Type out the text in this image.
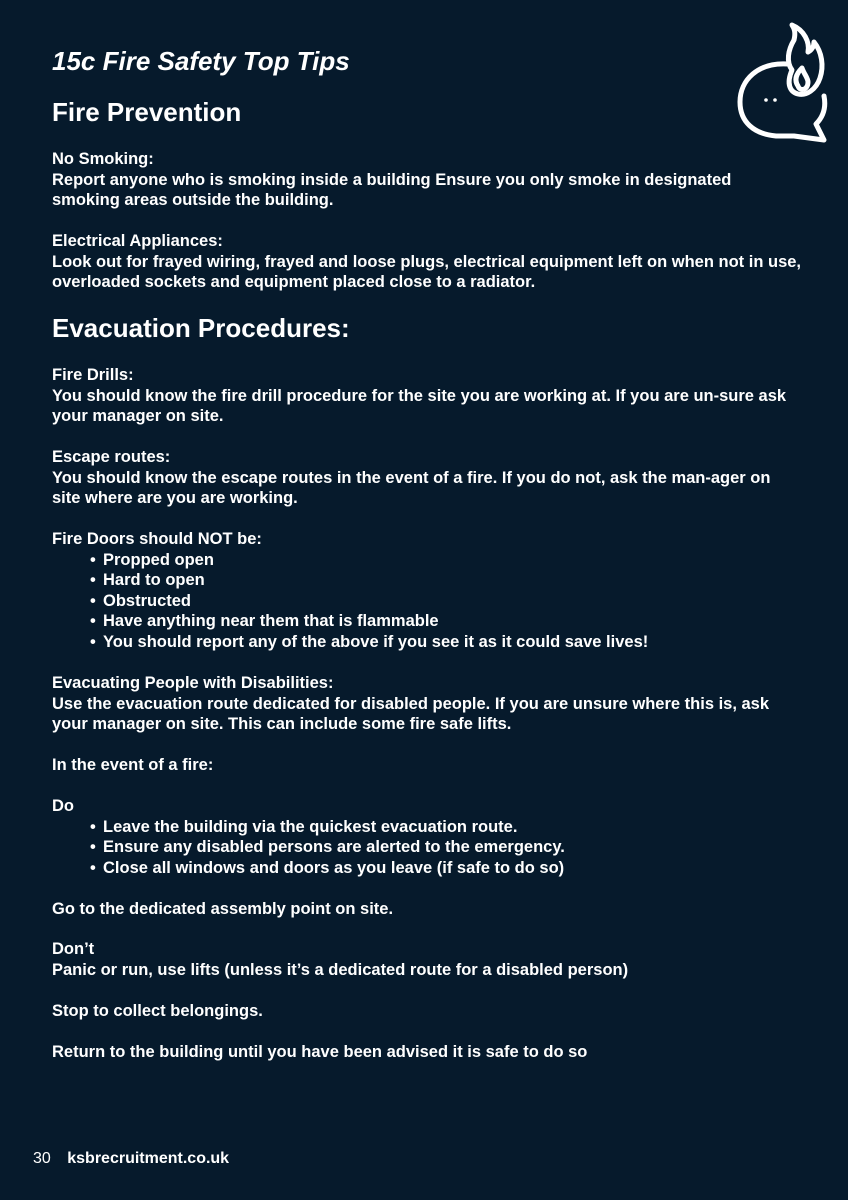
15c Fire Safety Top Tips
Fire Prevention

No Smoking:

Report anyone who is smoking inside a building Ensure you only smoke in designated smoking areas outside the building.

Electrical Appliances:

Look out for frayed wiring, frayed and loose plugs, electrical equipment left on when not in use, overloaded sockets and equipment placed close to a radiator.

Evacuation Procedures:

Fire Drills:

You should know the fire drill procedure for the site you are working at. If you are un-sure ask your manager on site.

Escape routes:

You should know the escape routes in the event of a fire. If you do not, ask the man-ager on site where are you are working.

Fire Doors should NOT be:

• Propped open
• Hard to open
• Obstructed
• Have anything near them that is flammable
• You should report any of the above if you see it as it could save lives!

Evacuating People with Disabilities:

Use the evacuation route dedicated for disabled people. If you are unsure where this is, ask your manager on site. This can include some fire safe lifts.

In the event of a fire:

Do

• Leave the building via the quickest evacuation route.
• Ensure any disabled persons are alerted to the emergency.
• Close all windows and doors as you leave (if safe to do so)

Go to the dedicated assembly point on site.

Don’t

Panic or run, use lifts (unless it’s a dedicated route for a disabled person)

Stop to collect belongings.

Return to the building until you have been advised it is safe to do so

30 ksbrecruitment.co.uk
